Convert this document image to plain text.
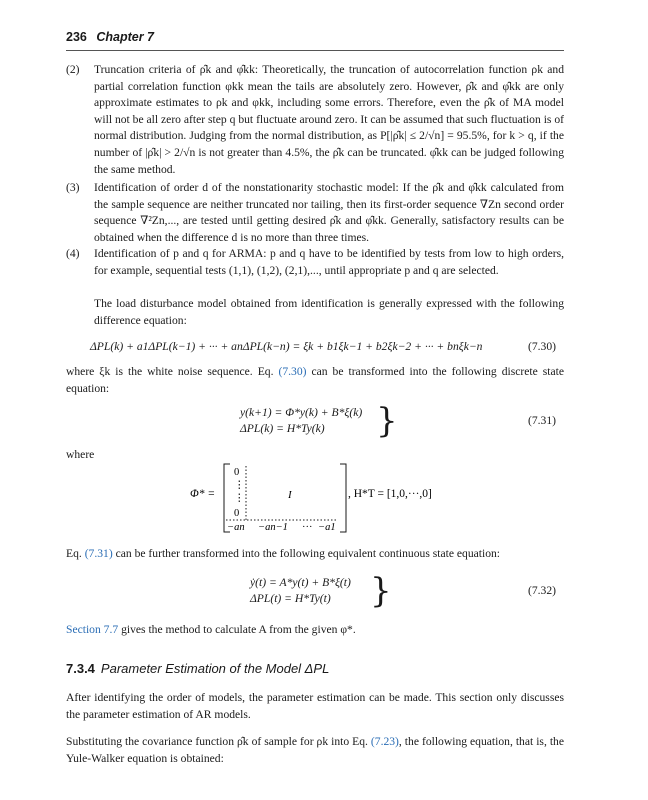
236 Chapter 7
(2) Truncation criteria of ρ̂k and φ̂kk: Theoretically, the truncation of autocorrelation function ρk and partial correlation function φkk mean the tails are absolutely zero. However, ρ̂k and φ̂kk are only approximate estimates to ρk and φkk, including some errors. Therefore, even the ρ̂k of MA model will not be all zero after step q but fluctuate around zero. It can be assumed that such fluctuation is of normal distribution. Judging from the normal distribution, as P[|ρ̂k| ≤ 2/√n] = 95.5%, for k > q, if the number of |ρ̂k| > 2/√n is not greater than 4.5%, the ρ̂k can be truncated. φ̂kk can be judged following the same method.
(3) Identification of order d of the nonstationarity stochastic model: If the ρ̂k and φ̂kk calculated from the sample sequence are neither truncated nor tailing, then its first-order sequence ∇Zn second order sequence ∇²Zn,..., are tested until getting desired ρ̂k and φ̂kk. Generally, satisfactory results can be obtained when the difference d is no more than three times.
(4) Identification of p and q for ARMA: p and q have to be identified by tests from low to high orders, for example, sequential tests (1,1), (1,2), (2,1),..., until appropriate p and q are selected.
The load disturbance model obtained from identification is generally expressed with the following difference equation:
ΔPL(k) + a1ΔPL(k−1) + ··· + anΔPL(k−n) = ξk + b1ξk−1 + b2ξk−2 + ··· + bnξk−n	(7.30)
where ξk is the white noise sequence. Eq. (7.30) can be transformed into the following discrete state equation:
y(k+1) = Φ*y(k) + B*ξ(k)
ΔPL(k) = H*Ty(k) }	(7.31)
where
Φ* =
0
⋮
⋮
0
−an
I
−an−1 ··· −a1
, H*T = [1,0,···,0]
Eq. (7.31) can be further transformed into the following equivalent continuous state equation:
ẏ(t) = A*y(t) + B*ξ(t)
ΔPL(t) = H*Ty(t) }	(7.32)
Section 7.7 gives the method to calculate A from the given φ*.
7.3.4 Parameter Estimation of the Model ΔPL
After identifying the order of models, the parameter estimation can be made. This section only discusses the parameter estimation of AR models.
Substituting the covariance function ρ̂k of sample for ρk into Eq. (7.23), the following equation, that is, the Yule-Walker equation is obtained:
